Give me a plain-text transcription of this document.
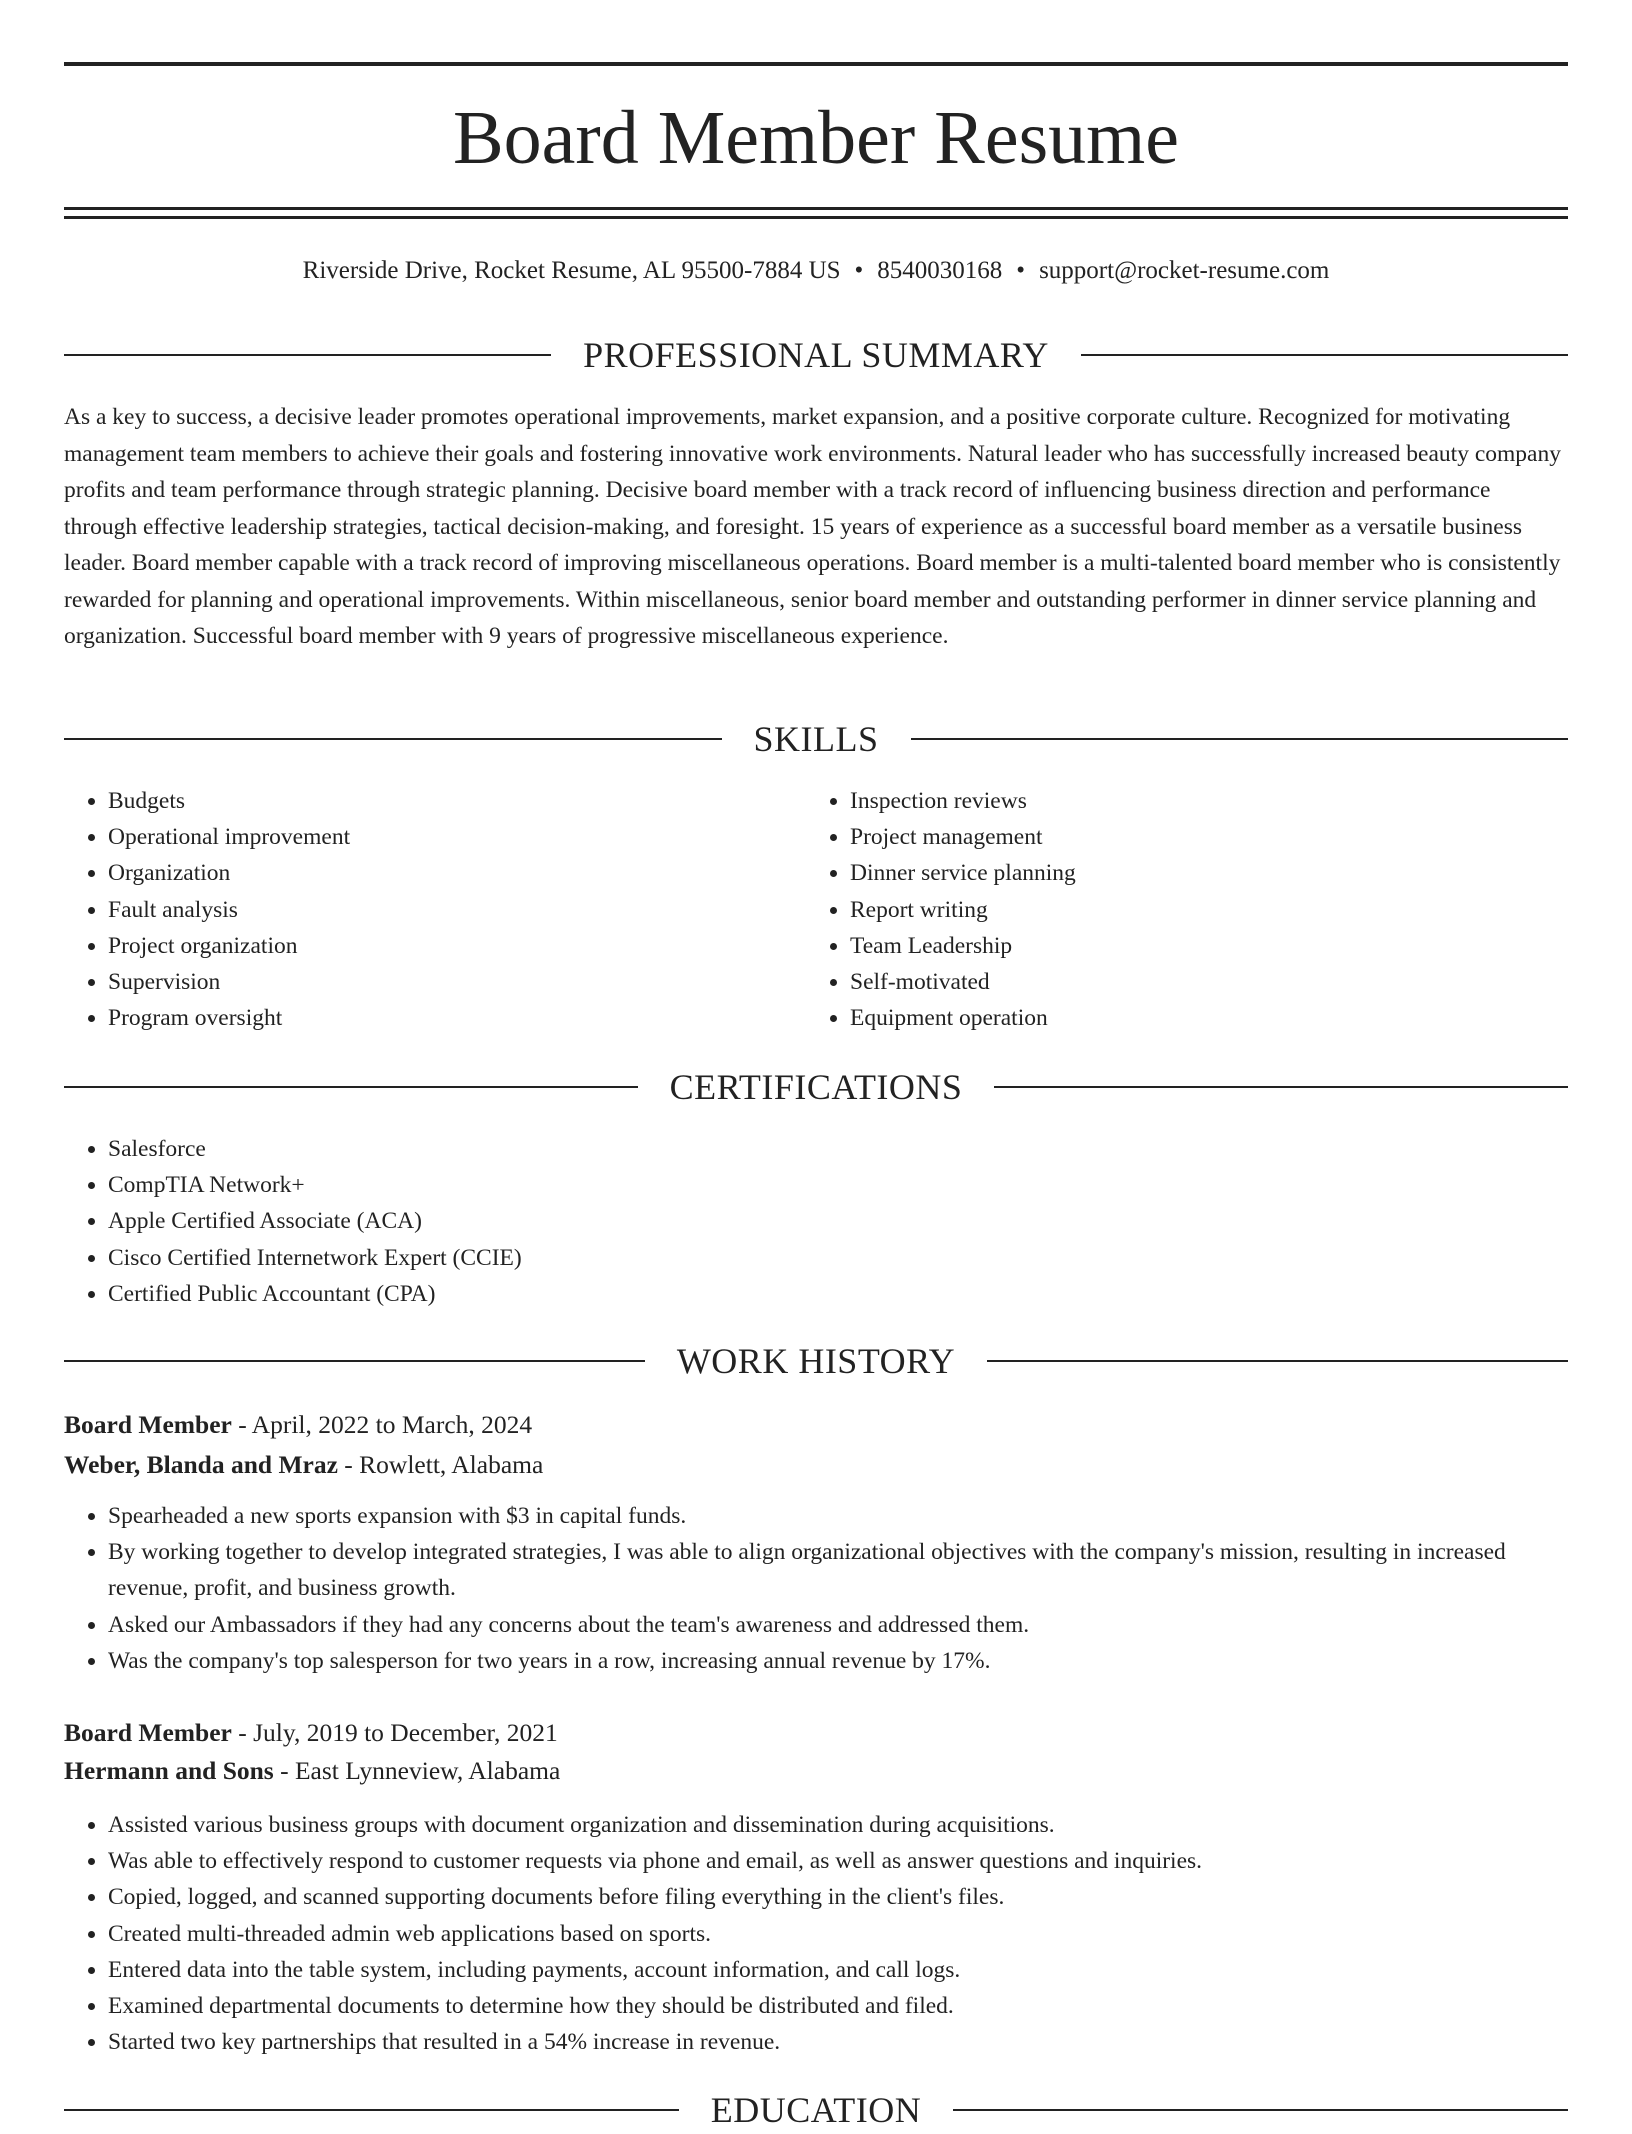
Board Member Resume
Riverside Drive, Rocket Resume, AL 95500-7884 US • 8540030168 • support@rocket-resume.com
PROFESSIONAL SUMMARY

As a key to success, a decisive leader promotes operational improvements, market expansion, and a positive corporate culture. Recognized for motivating management team members to achieve their goals and fostering innovative work environments. Natural leader who has successfully increased beauty company profits and team performance through strategic planning. Decisive board member with a track record of influencing business direction and performance through effective leadership strategies, tactical decision-making, and foresight. 15 years of experience as a successful board member as a versatile business leader. Board member capable with a track record of improving miscellaneous operations. Board member is a multi-talented board member who is consistently rewarded for planning and operational improvements. Within miscellaneous, senior board member and outstanding performer in dinner service planning and organization. Successful board member with 9 years of progressive miscellaneous experience.

SKILLS
• Budgets
• Operational improvement
• Organization
• Fault analysis
• Project organization
• Supervision
• Program oversight
• Inspection reviews
• Project management
• Dinner service planning
• Report writing
• Team Leadership
• Self-motivated
• Equipment operation
CERTIFICATIONS
• Salesforce
• CompTIA Network+
• Apple Certified Associate (ACA)
• Cisco Certified Internetwork Expert (CCIE)
• Certified Public Accountant (CPA)
WORK HISTORY
Board Member - April, 2022 to March, 2024
Weber, Blanda and Mraz - Rowlett, Alabama
• Spearheaded a new sports expansion with $3 in capital funds.
• By working together to develop integrated strategies, I was able to align organizational objectives with the company's mission, resulting in increased revenue, profit, and business growth.
• Asked our Ambassadors if they had any concerns about the team's awareness and addressed them.
• Was the company's top salesperson for two years in a row, increasing annual revenue by 17%.
Board Member - July, 2019 to December, 2021
Hermann and Sons - East Lynneview, Alabama
• Assisted various business groups with document organization and dissemination during acquisitions.
• Was able to effectively respond to customer requests via phone and email, as well as answer questions and inquiries.
• Copied, logged, and scanned supporting documents before filing everything in the client's files.
• Created multi-threaded admin web applications based on sports.
• Entered data into the table system, including payments, account information, and call logs.
• Examined departmental documents to determine how they should be distributed and filed.
• Started two key partnerships that resulted in a 54% increase in revenue.
EDUCATION
